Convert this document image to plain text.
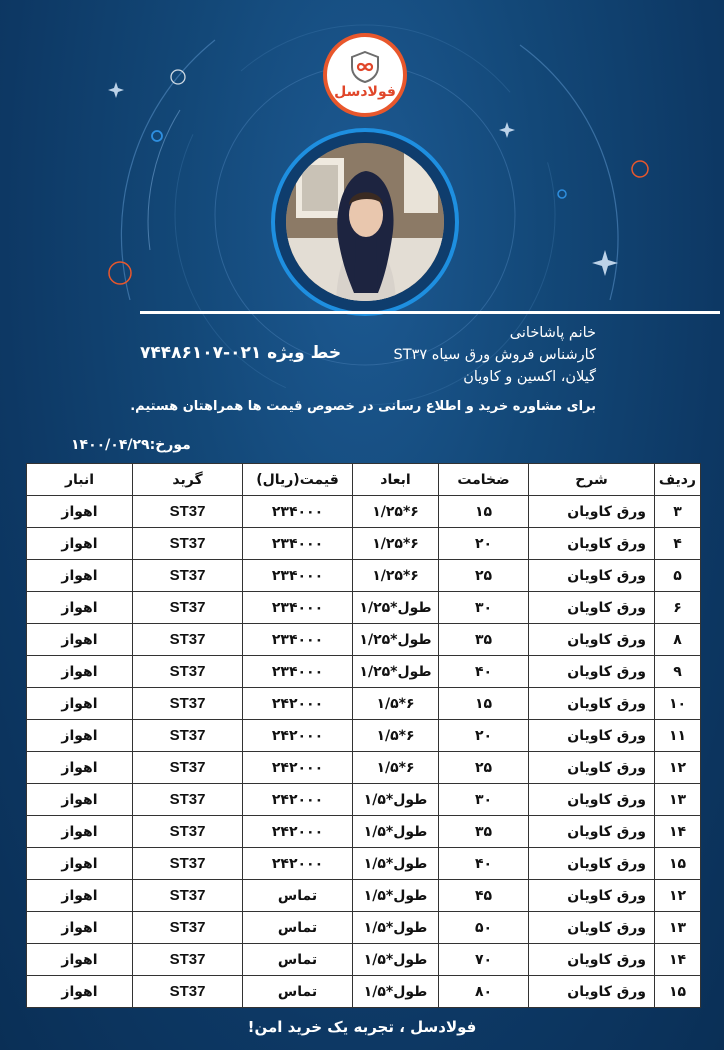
فولادسل
خانم پاشاخانی
کارشناس فروش ورق سیاه ST۳۷
گیلان، اکسین و کاویان
خط ویژه ۰۲۱-۷۴۴۸۶۱۰۷
برای مشاوره خرید و اطلاع رسانی در خصوص قیمت ها همراهتان هستیم.
مورخ:۱۴۰۰/۰۴/۲۹
ردیف	شرح	ضخامت	ابعاد	قیمت(ریال)	گرید	انبار
۳	ورق کاویان	۱۵	۶*۱/۲۵	۲۳۴۰۰۰	ST37	اهواز
۴	ورق کاویان	۲۰	۶*۱/۲۵	۲۳۴۰۰۰	ST37	اهواز
۵	ورق کاویان	۲۵	۶*۱/۲۵	۲۳۴۰۰۰	ST37	اهواز
۶	ورق کاویان	۳۰	طول*۱/۲۵	۲۳۴۰۰۰	ST37	اهواز
۸	ورق کاویان	۳۵	طول*۱/۲۵	۲۳۴۰۰۰	ST37	اهواز
۹	ورق کاویان	۴۰	طول*۱/۲۵	۲۳۴۰۰۰	ST37	اهواز
۱۰	ورق کاویان	۱۵	۶*۱/۵	۲۴۲۰۰۰	ST37	اهواز
۱۱	ورق کاویان	۲۰	۶*۱/۵	۲۴۲۰۰۰	ST37	اهواز
۱۲	ورق کاویان	۲۵	۶*۱/۵	۲۴۲۰۰۰	ST37	اهواز
۱۳	ورق کاویان	۳۰	طول*۱/۵	۲۴۲۰۰۰	ST37	اهواز
۱۴	ورق کاویان	۳۵	طول*۱/۵	۲۴۲۰۰۰	ST37	اهواز
۱۵	ورق کاویان	۴۰	طول*۱/۵	۲۴۲۰۰۰	ST37	اهواز
۱۲	ورق کاویان	۴۵	طول*۱/۵	تماس	ST37	اهواز
۱۳	ورق کاویان	۵۰	طول*۱/۵	تماس	ST37	اهواز
۱۴	ورق کاویان	۷۰	طول*۱/۵	تماس	ST37	اهواز
۱۵	ورق کاویان	۸۰	طول*۱/۵	تماس	ST37	اهواز
فولادسل ، تجربه یک خرید امن!
